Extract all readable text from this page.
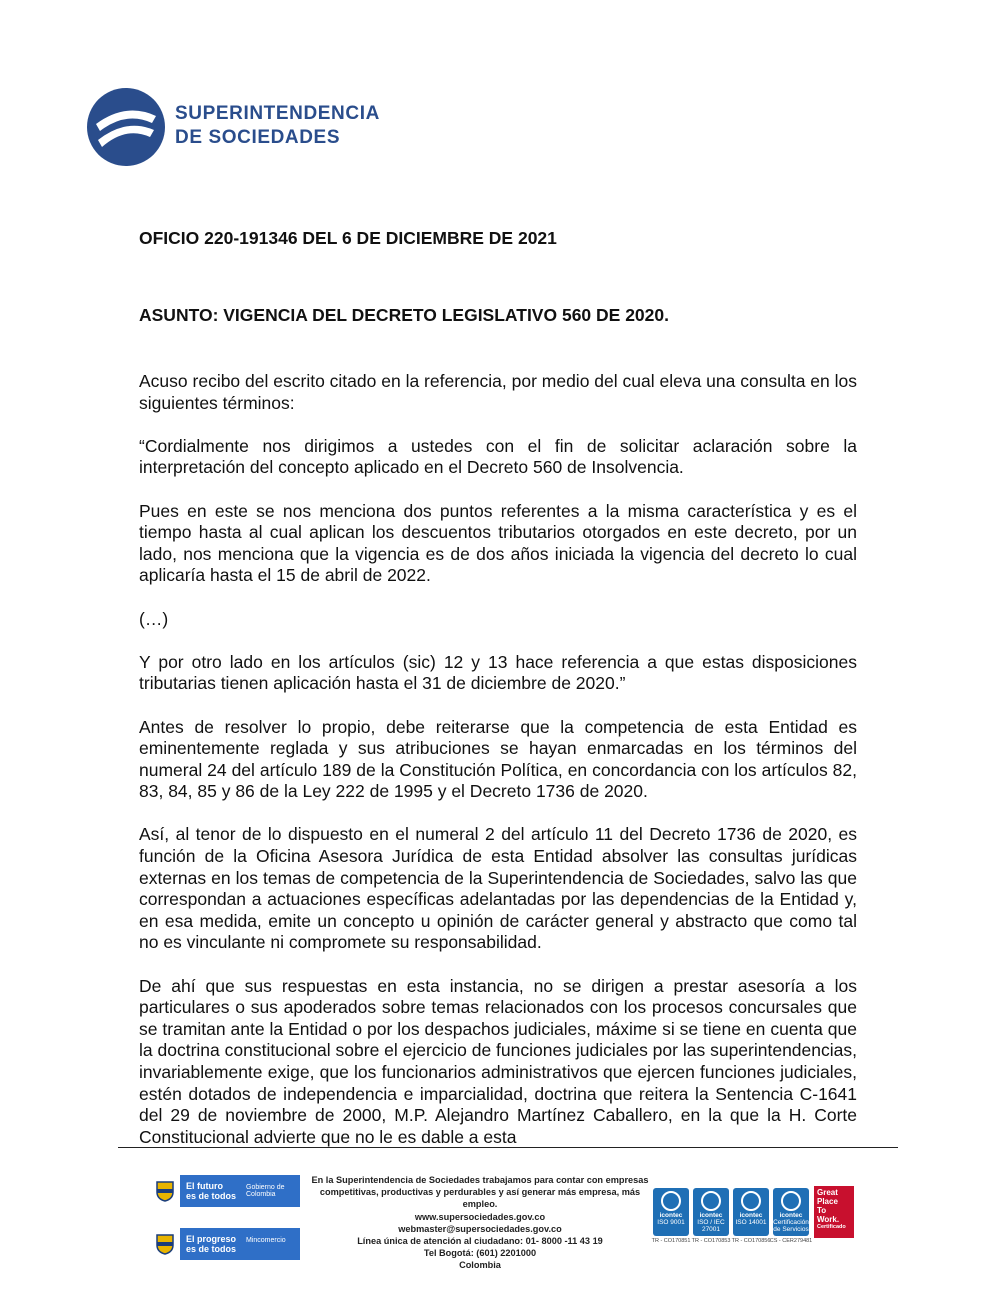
SUPERINTENDENCIA
DE SOCIEDADES
OFICIO 220-191346 DEL 6 DE DICIEMBRE DE 2021
ASUNTO: VIGENCIA DEL DECRETO LEGISLATIVO 560 DE 2020.

Acuso recibo del escrito citado en la referencia, por medio del cual eleva una consulta en los siguientes términos:

“Cordialmente nos dirigimos a ustedes con el fin de solicitar aclaración sobre la interpretación del concepto aplicado en el Decreto 560 de Insolvencia.

Pues en este se nos menciona dos puntos referentes a la misma característica y es el tiempo hasta al cual aplican los descuentos tributarios otorgados en este decreto, por un lado, nos menciona que la vigencia es de dos años iniciada la vigencia del decreto lo cual aplicaría hasta el 15 de abril de 2022.

(…)

Y por otro lado en los artículos (sic) 12 y 13 hace referencia a que estas disposiciones tributarias tienen aplicación hasta el 31 de diciembre de 2020.”

Antes de resolver lo propio, debe reiterarse que la competencia de esta Entidad es eminentemente reglada y sus atribuciones se hayan enmarcadas en los términos del numeral 24 del artículo 189 de la Constitución Política, en concordancia con los artículos 82, 83, 84, 85 y 86 de la Ley 222 de 1995 y el Decreto 1736 de 2020.

Así, al tenor de lo dispuesto en el numeral 2 del artículo 11 del Decreto 1736 de 2020, es función de la Oficina Asesora Jurídica de esta Entidad absolver las consultas jurídicas externas en los temas de competencia de la Superintendencia de Sociedades, salvo las que correspondan a actuaciones específicas adelantadas por las dependencias de la Entidad y, en esa medida, emite un concepto u opinión de carácter general y abstracto que como tal no es vinculante ni compromete su responsabilidad.

De ahí que sus respuestas en esta instancia, no se dirigen a prestar asesoría a los particulares o sus apoderados sobre temas relacionados con los procesos concursales que se tramitan ante la Entidad o por los despachos judiciales, máxime si se tiene en cuenta que la doctrina constitucional sobre el ejercicio de funciones judiciales por las superintendencias, invariablemente exige, que los funcionarios administrativos que ejercen funciones judiciales, estén dotados de independencia e imparcialidad, doctrina que reitera la Sentencia C-1641 del 29 de noviembre de 2000, M.P. Alejandro Martínez Caballero, en la que la H. Corte Constitucional advierte que no le es dable a esta

El futuro
es de todos
Gobierno de Colombia
El progreso
es de todos
Mincomercio
En la Superintendencia de Sociedades trabajamos para contar con empresas
competitivas, productivas y perdurables y así generar más empresa, más empleo.
www.supersociedades.gov.co
webmaster@supersociedades.gov.co
Línea única de atención al ciudadano: 01- 8000 -11 43 19
Tel Bogotá: (601) 2201000
Colombia
icontec
ISO 9001
TR - CO170851
icontec
ISO / IEC 27001
TR - CO170853
icontec
ISO 14001
TR - CO170856
icontec
Certificación de Servicios
CS - CER279481
Great
Place
To
Work.
Certificado
